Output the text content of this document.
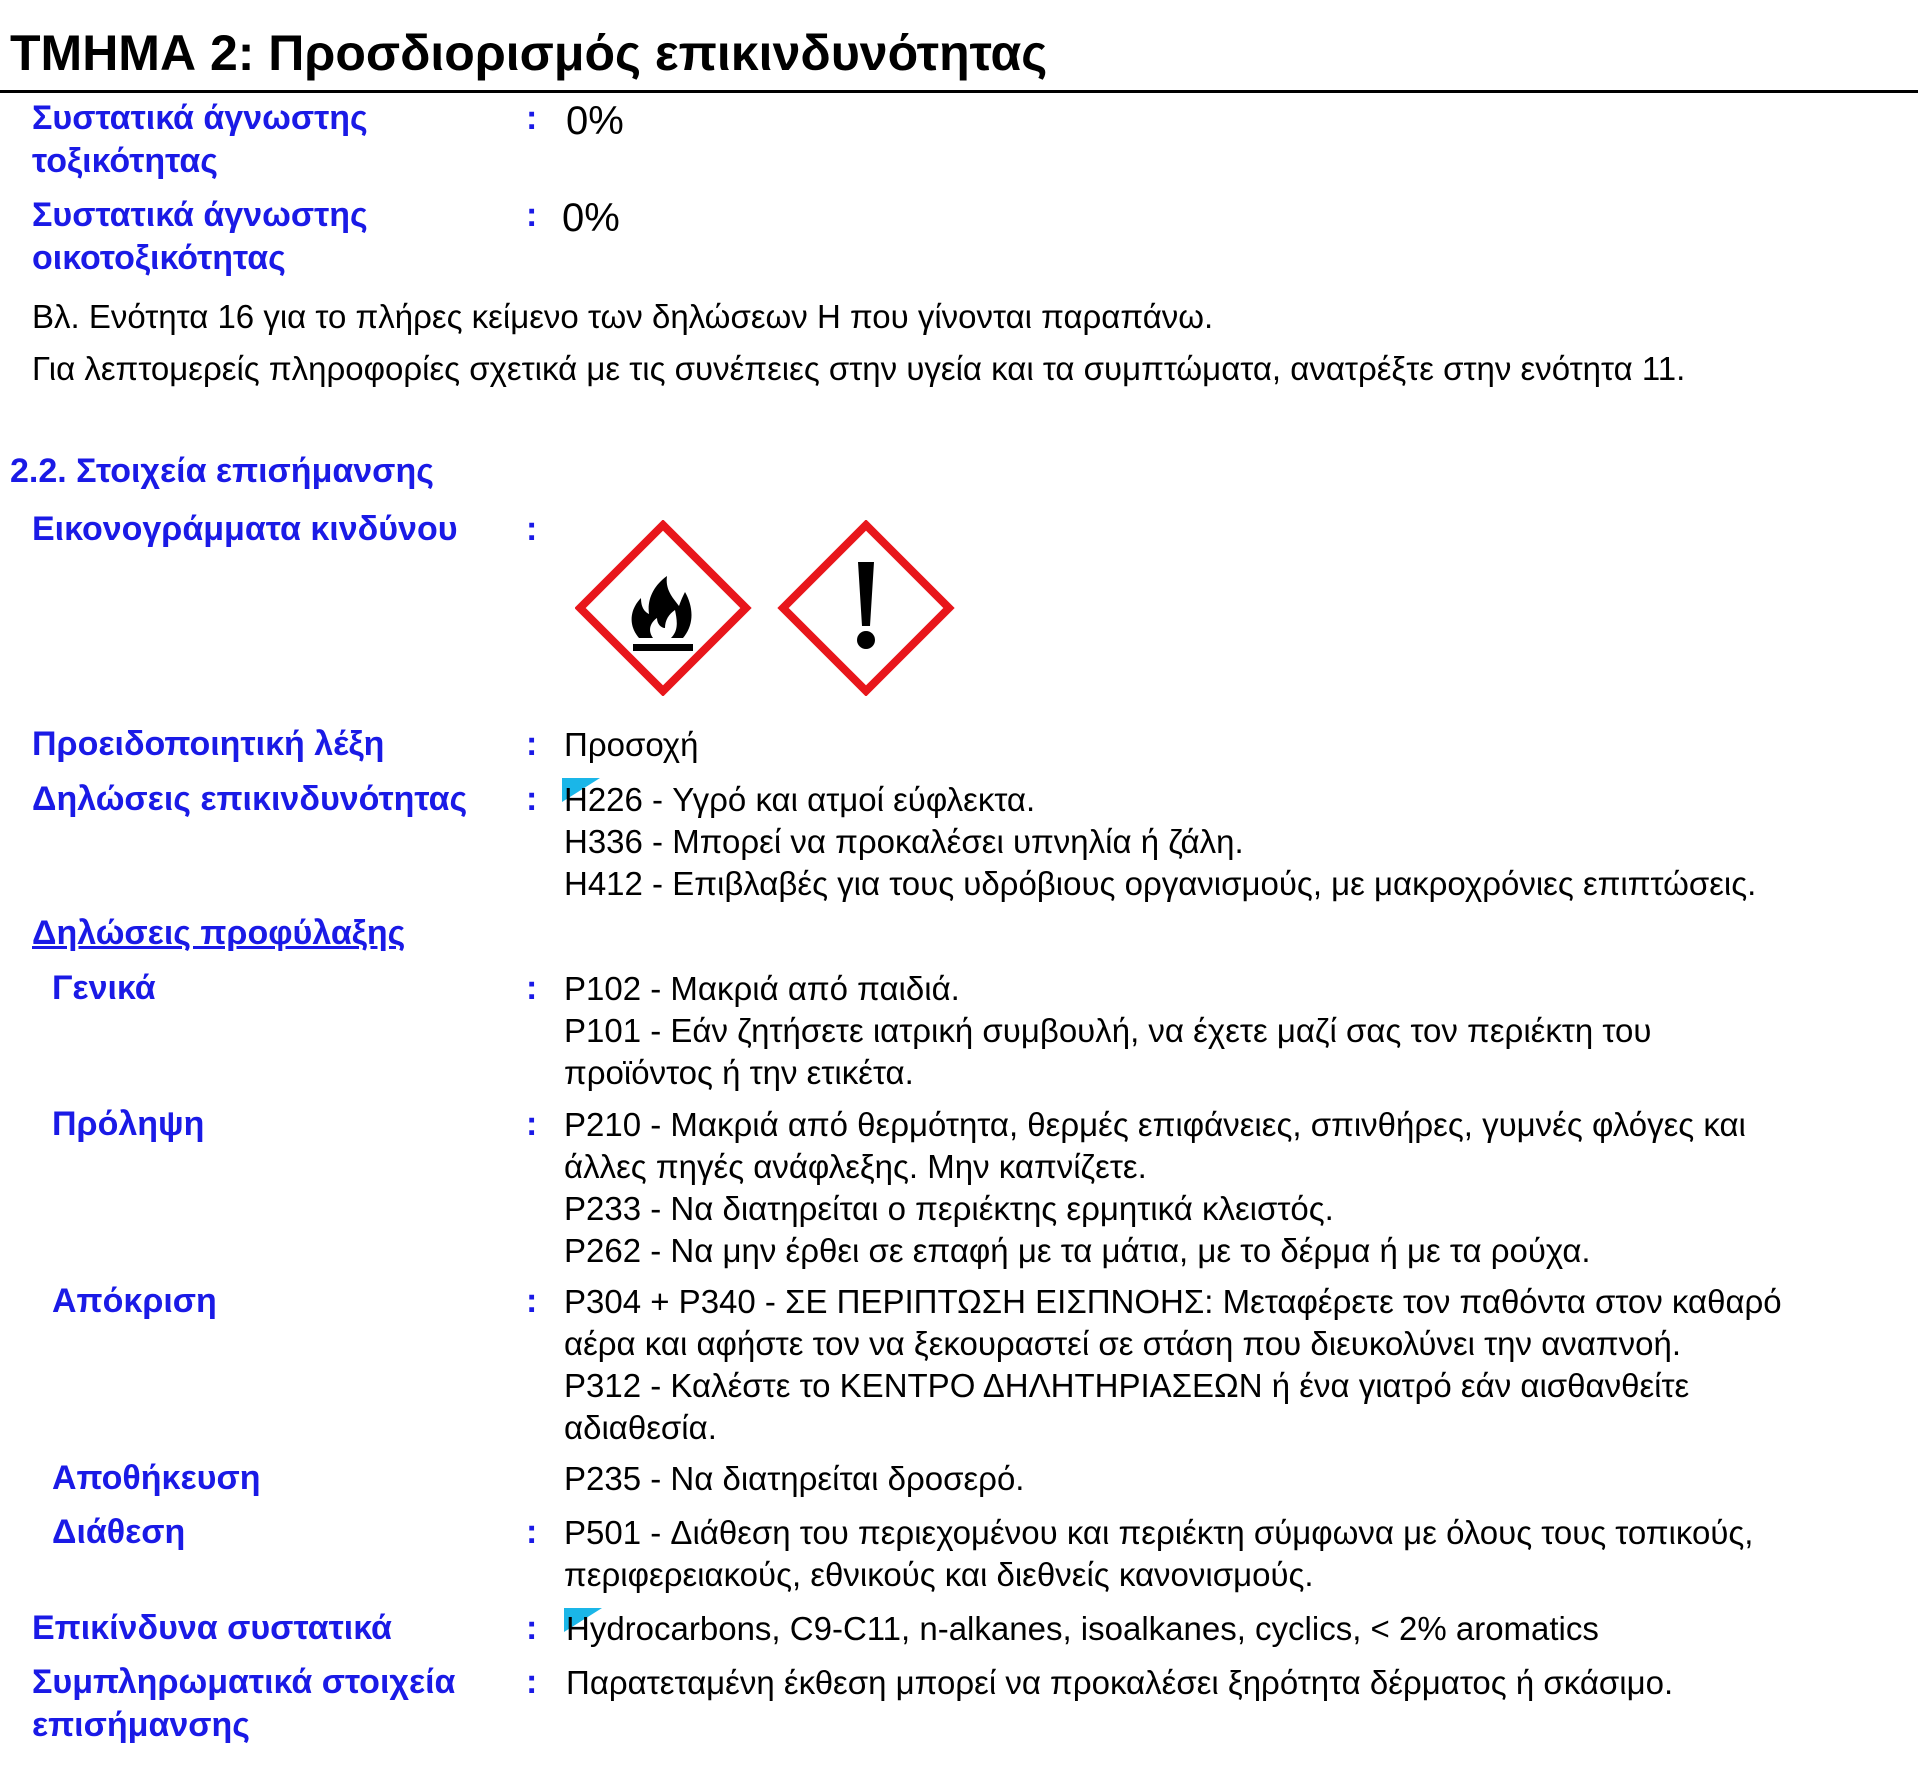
ΤΜΗΜΑ 2: Προσδιορισμός επικινδυνότητας
Συστατικά άγνωστης
τοξικότητας
: 0%
Συστατικά άγνωστης
οικοτοξικότητας
: 0%
Βλ. Ενότητα 16 για το πλήρες κείμενο των δηλώσεων Η που γίνονται παραπάνω.
Για λεπτομερείς πληροφορίες σχετικά με τις συνέπειες στην υγεία και τα συμπτώματα, ανατρέξτε στην ενότητα 11.
2.2. Στοιχεία επισήμανσης
Εικονογράμματα κινδύνου :
Προειδοποιητική λέξη	: Προσοχή
Δηλώσεις επικινδυνότητας : H226 - Υγρό και ατμοί εύφλεκτα.
H336 - Μπορεί να προκαλέσει υπνηλία ή ζάλη.
H412 - Επιβλαβές για τους υδρόβιους οργανισμούς, με μακροχρόνιες επιπτώσεις.
Δηλώσεις προφύλαξης
Γενικά	: P102 - Μακριά από παιδιά.
P101 - Εάν ζητήσετε ιατρική συμβουλή, να έχετε μαζί σας τον περιέκτη του
προϊόντος ή την ετικέτα.
Πρόληψη	: P210 - Μακριά από θερμότητα, θερμές επιφάνειες, σπινθήρες, γυμνές φλόγες και
άλλες πηγές ανάφλεξης. Μην καπνίζετε.
P233 - Να διατηρείται ο περιέκτης ερμητικά κλειστός.
P262 - Να μην έρθει σε επαφή με τα μάτια, με το δέρμα ή με τα ρούχα.
Απόκριση	: P304 + P340 - ΣΕ ΠΕΡΙΠΤΩΣΗ ΕΙΣΠΝΟΗΣ: Μεταφέρετε τον παθόντα στον καθαρό
αέρα και αφήστε τον να ξεκουραστεί σε στάση που διευκολύνει την αναπνοή.
P312 - Καλέστε το ΚΕΝΤΡΟ ΔΗΛΗΤΗΡΙΑΣΕΩΝ ή ένα γιατρό εάν αισθανθείτε
αδιαθεσία.
Αποθήκευση	P235 - Να διατηρείται δροσερό.
Διάθεση	: P501 - Διάθεση του περιεχομένου και περιέκτη σύμφωνα με όλους τους τοπικούς,
περιφερειακούς, εθνικούς και διεθνείς κανονισμούς.
Επικίνδυνα συστατικά	: Hydrocarbons, C9-C11, n-alkanes, isoalkanes, cyclics, < 2% aromatics
Συμπληρωματικά στοιχεία
επισήμανσης
: Παρατεταμένη έκθεση μπορεί να προκαλέσει ξηρότητα δέρματος ή σκάσιμο.
